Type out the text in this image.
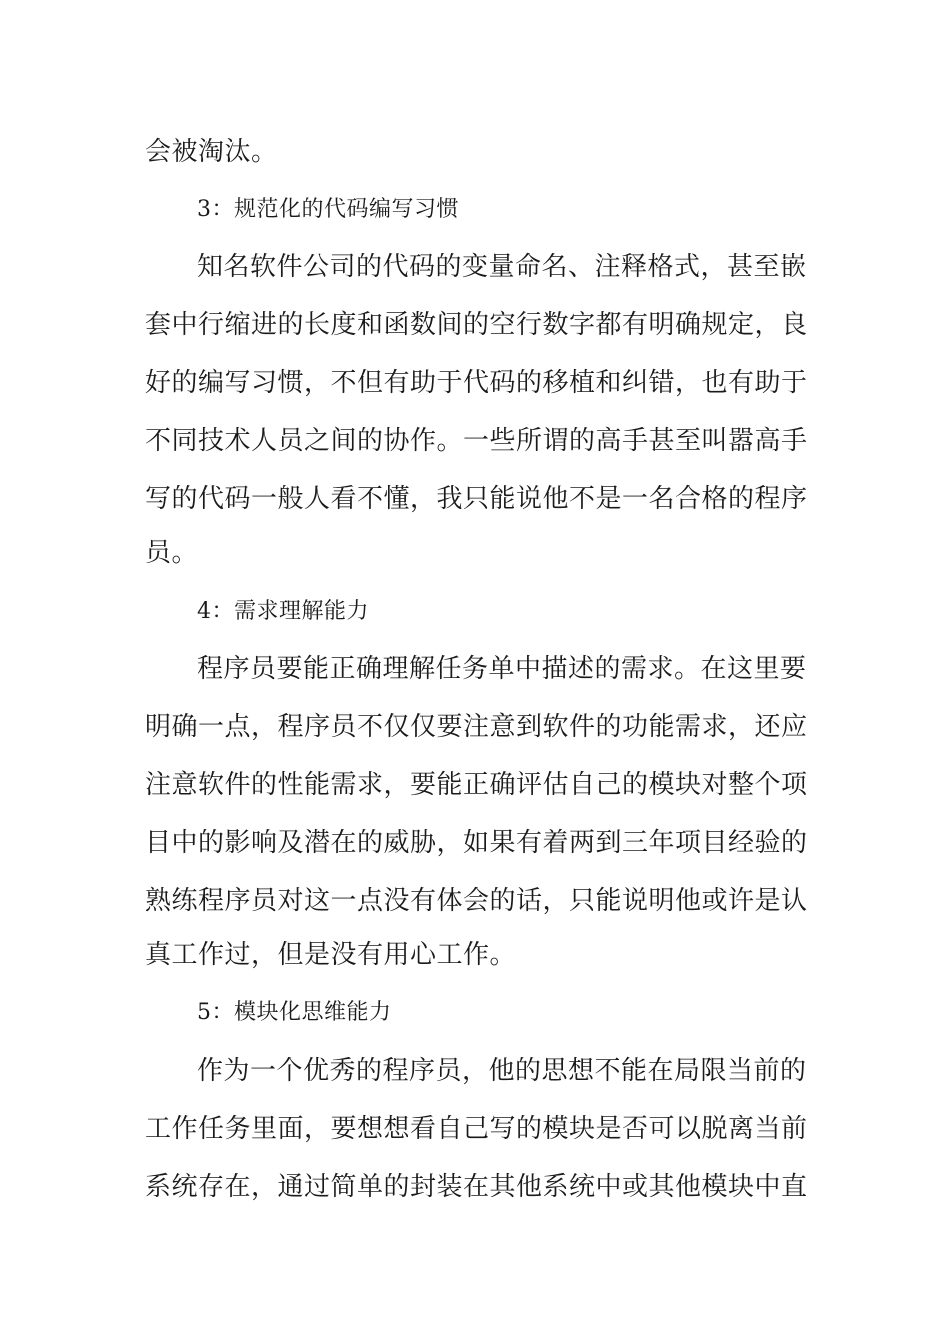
会被淘汰。
3：规范化的代码编写习惯
知名软件公司的代码的变量命名、注释格式，甚至嵌
套中行缩进的长度和函数间的空行数字都有明确规定，良
好的编写习惯，不但有助于代码的移植和纠错，也有助于
不同技术人员之间的协作。一些所谓的高手甚至叫嚣高手
写的代码一般人看不懂，我只能说他不是一名合格的程序
员。
4：需求理解能力
程序员要能正确理解任务单中描述的需求。在这里要
明确一点，程序员不仅仅要注意到软件的功能需求，还应
注意软件的性能需求，要能正确评估自己的模块对整个项
目中的影响及潜在的威胁，如果有着两到三年项目经验的
熟练程序员对这一点没有体会的话，只能说明他或许是认
真工作过，但是没有用心工作。
5：模块化思维能力
作为一个优秀的程序员，他的思想不能在局限当前的
工作任务里面，要想想看自己写的模块是否可以脱离当前
系统存在，通过简单的封装在其他系统中或其他模块中直
